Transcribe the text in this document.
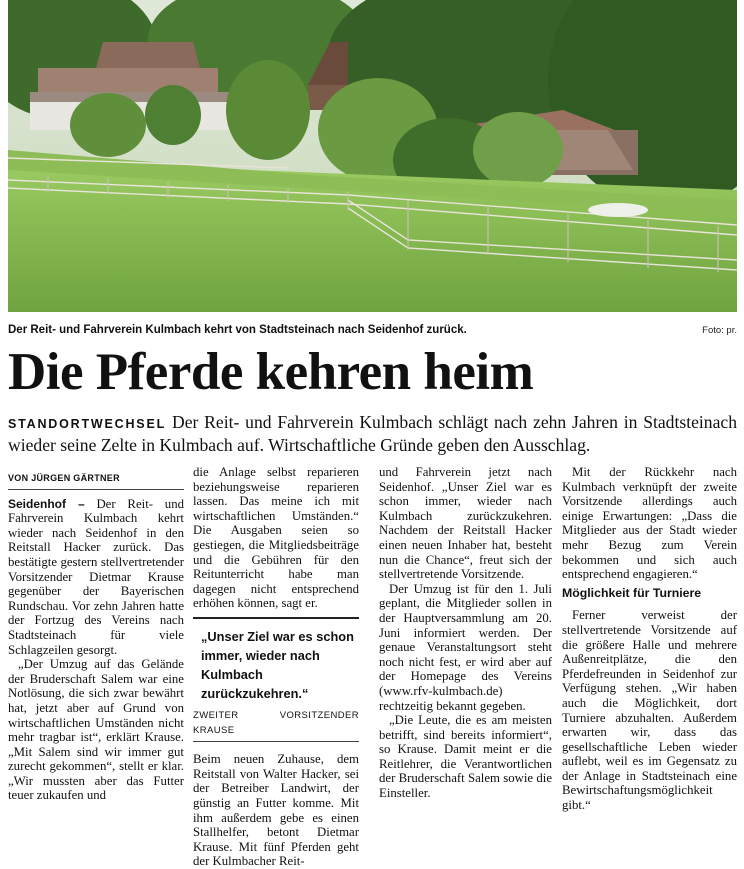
Der Reit- und Fahrverein Kulmbach kehrt von Stadtsteinach nach Seidenhof zurück.	Foto: pr.
Die Pferde kehren heim
STANDORTWECHSEL Der Reit- und Fahrverein Kulmbach schlägt nach zehn Jahren in Stadtsteinach wieder seine Zelte in Kulmbach auf. Wirtschaftliche Gründe geben den Ausschlag.
VON JÜRGEN GÄRTNER

Seidenhof – Der Reit- und Fahrverein Kulmbach kehrt wieder nach Seidenhof in den Reitstall Hacker zurück. Das bestätigte gestern stellvertretender Vorsitzender Dietmar Krause gegenüber der Bayerischen Rundschau. Vor zehn Jahren hatte der Fortzug des Vereins nach Stadtsteinach für viele Schlagzeilen gesorgt.

„Der Umzug auf das Gelände der Bruderschaft Salem war eine Notlösung, die sich zwar bewährt hat, jetzt aber auf Grund von wirtschaftlichen Umständen nicht mehr tragbar ist“, erklärt Krause. „Mit Salem sind wir immer gut zurecht gekommen“, stellt er klar. „Wir mussten aber das Futter teuer zukaufen und

die Anlage selbst reparieren beziehungsweise reparieren lassen. Das meine ich mit wirtschaftlichen Umständen.“ Die Ausgaben seien so gestiegen, die Mitgliedsbeiträge und die Gebühren für den Reitunterricht habe man dagegen nicht entsprechend erhöhen können, sagt er.

„Unser Ziel war es schon immer, wieder nach Kulmbach zurückzukehren.“
ZWEITER VORSITZENDER KRAUSE

Beim neuen Zuhause, dem Reitstall von Walter Hacker, sei der Betreiber Landwirt, der günstig an Futter komme. Mit ihm außerdem gebe es einen Stallhelfer, betont Dietmar Krause. Mit fünf Pferden geht der Kulmbacher Reit-

und Fahrverein jetzt nach Seidenhof. „Unser Ziel war es schon immer, wieder nach Kulmbach zurückzukehren. Nachdem der Reitstall Hacker einen neuen Inhaber hat, besteht nun die Chance“, freut sich der stellvertretende Vorsitzende.

Der Umzug ist für den 1. Juli geplant, die Mitglieder sollen in der Hauptversammlung am 20. Juni informiert werden. Der genaue Veranstaltungsort steht noch nicht fest, er wird aber auf der Homepage des Vereins (www.rfv-kulmbach.de) rechtzeitig bekannt gegeben.

„Die Leute, die es am meisten betrifft, sind bereits informiert“, so Krause. Damit meint er die Reitlehrer, die Verantwortlichen der Bruderschaft Salem sowie die Einsteller.

Mit der Rückkehr nach Kulmbach verknüpft der zweite Vorsitzende allerdings auch einige Erwartungen: „Dass die Mitglieder aus der Stadt wieder mehr Bezug zum Verein bekommen und sich auch entsprechend engagieren.“

Möglichkeit für Turniere

Ferner verweist der stellvertretende Vorsitzende auf die größere Halle und mehrere Außenreitplätze, die den Pferdefreunden in Seidenhof zur Verfügung stehen. „Wir haben auch die Möglichkeit, dort Turniere abzuhalten. Außerdem erwarten wir, dass das gesellschaftliche Leben wieder auflebt, weil es im Gegensatz zu der Anlage in Stadtsteinach eine Bewirtschaftungsmöglichkeit gibt.“
